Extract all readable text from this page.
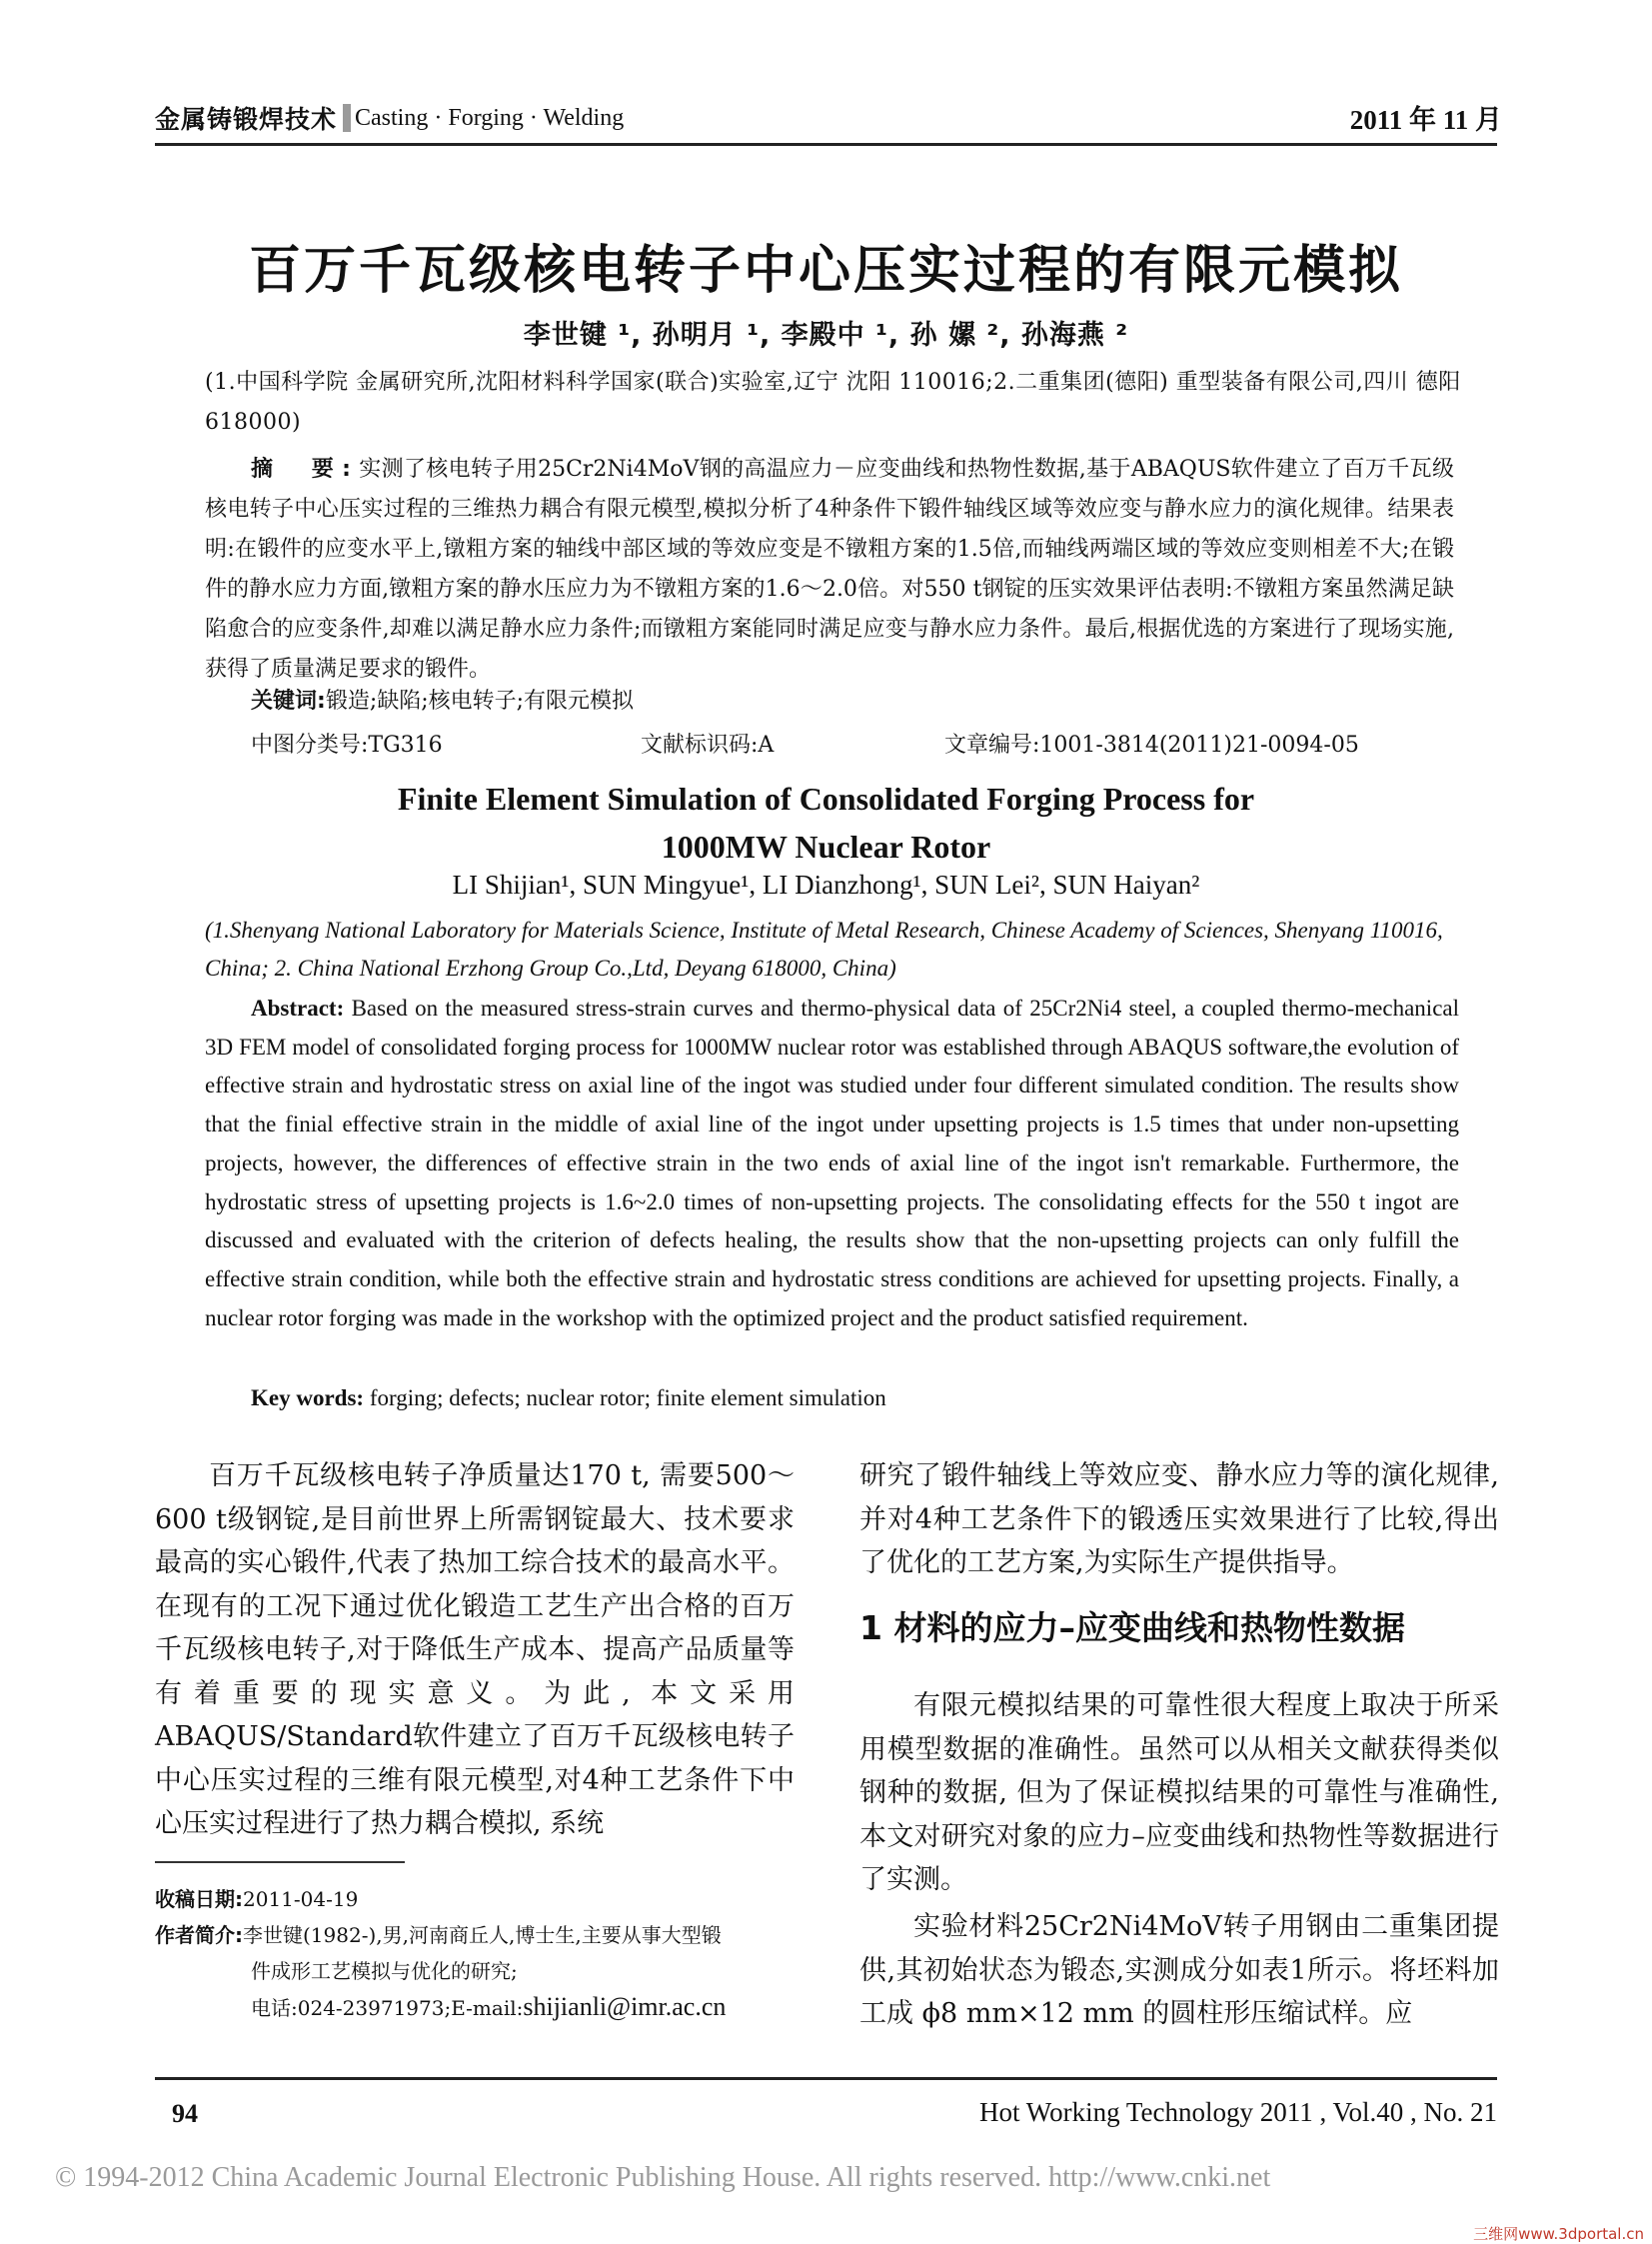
金属铸锻焊技术 Casting · Forging · Welding	2011 年 11 月
百万千瓦级核电转子中心压实过程的有限元模拟
李世键 ¹, 孙明月 ¹, 李殿中 ¹, 孙 嫘 ², 孙海燕 ²
(1.中国科学院 金属研究所,沈阳材料科学国家(联合)实验室,辽宁 沈阳 110016;2.二重集团(德阳) 重型装备有限公司,四川 德阳 618000)
摘　要:实测了核电转子用25Cr2Ni4MoV钢的高温应力－应变曲线和热物性数据,基于ABAQUS软件建立了百万千瓦级核电转子中心压实过程的三维热力耦合有限元模型,模拟分析了4种条件下锻件轴线区域等效应变与静水应力的演化规律。结果表明:在锻件的应变水平上,镦粗方案的轴线中部区域的等效应变是不镦粗方案的1.5倍,而轴线两端区域的等效应变则相差不大;在锻件的静水应力方面,镦粗方案的静水压应力为不镦粗方案的1.6～2.0倍。对550 t钢锭的压实效果评估表明:不镦粗方案虽然满足缺陷愈合的应变条件,却难以满足静水应力条件;而镦粗方案能同时满足应变与静水应力条件。最后,根据优选的方案进行了现场实施,获得了质量满足要求的锻件。
关键词:锻造;缺陷;核电转子;有限元模拟
中图分类号:TG316	文献标识码:A	文章编号:1001-3814(2011)21-0094-05
Finite Element Simulation of Consolidated Forging Process for
1000MW Nuclear Rotor
LI Shijian¹, SUN Mingyue¹, LI Dianzhong¹, SUN Lei², SUN Haiyan²
(1.Shenyang National Laboratory for Materials Science, Institute of Metal Research, Chinese Academy of Sciences, Shenyang 110016, China; 2. China National Erzhong Group Co.,Ltd, Deyang 618000, China)
Abstract: Based on the measured stress-strain curves and thermo-physical data of 25Cr2Ni4 steel, a coupled thermo-mechanical 3D FEM model of consolidated forging process for 1000MW nuclear rotor was established through ABAQUS software,the evolution of effective strain and hydrostatic stress on axial line of the ingot was studied under four different simulated condition. The results show that the finial effective strain in the middle of axial line of the ingot under upsetting projects is 1.5 times that under non-upsetting projects, however, the differences of effective strain in the two ends of axial line of the ingot isn't remarkable. Furthermore, the hydrostatic stress of upsetting projects is 1.6~2.0 times of non-upsetting projects. The consolidating effects for the 550 t ingot are discussed and evaluated with the criterion of defects healing, the results show that the non-upsetting projects can only fulfill the effective strain condition, while both the effective strain and hydrostatic stress conditions are achieved for upsetting projects. Finally, a nuclear rotor forging was made in the workshop with the optimized project and the product satisfied requirement.
Key words: forging; defects; nuclear rotor; finite element simulation
百万千瓦级核电转子净质量达170 t, 需要500～600 t级钢锭,是目前世界上所需钢锭最大、技术要求最高的实心锻件,代表了热加工综合技术的最高水平。在现有的工况下通过优化锻造工艺生产出合格的百万千瓦级核电转子,对于降低生产成本、提高产品质量等有着重要的现实意义。为此, 本文采用ABAQUS/Standard软件建立了百万千瓦级核电转子中心压实过程的三维有限元模型,对4种工艺条件下中心压实过程进行了热力耦合模拟, 系统
研究了锻件轴线上等效应变、静水应力等的演化规律, 并对4种工艺条件下的锻透压实效果进行了比较,得出了优化的工艺方案,为实际生产提供指导。
1 材料的应力–应变曲线和热物性数据
有限元模拟结果的可靠性很大程度上取决于所采用模型数据的准确性。虽然可以从相关文献获得类似钢种的数据, 但为了保证模拟结果的可靠性与准确性, 本文对研究对象的应力–应变曲线和热物性等数据进行了实测。
实验材料25Cr2Ni4MoV转子用钢由二重集团提供,其初始状态为锻态,实测成分如表1所示。将坯料加工成 ϕ8 mm×12 mm 的圆柱形压缩试样。应
收稿日期:2011-04-19
作者简介:李世键(1982-),男,河南商丘人,博士生,主要从事大型锻
件成形工艺模拟与优化的研究;
电话:024-23971973;E-mail:shijianli@imr.ac.cn
94	Hot Working Technology 2011 , Vol.40 , No. 21
© 1994-2012 China Academic Journal Electronic Publishing House. All rights reserved. http://www.cnki.net
三维网www.3dportal.cn
